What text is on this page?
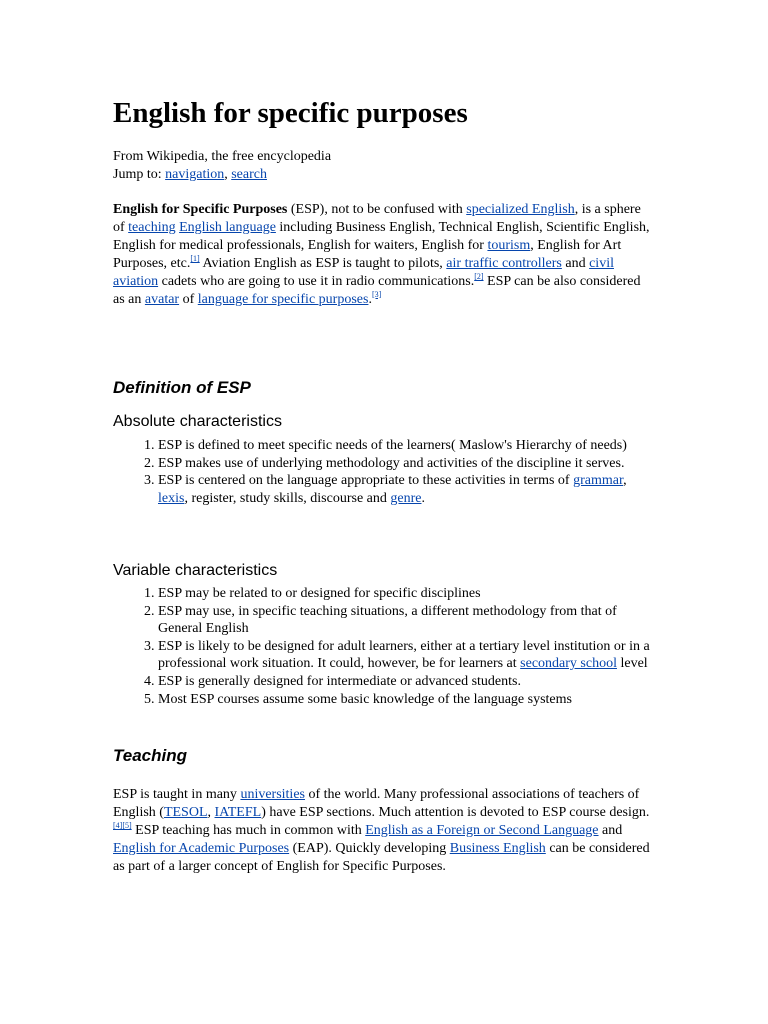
English for specific purposes
From Wikipedia, the free encyclopedia
Jump to: navigation, search

English for Specific Purposes (ESP), not to be confused with specialized English, is a sphere of teaching English language including Business English, Technical English, Scientific English, English for medical professionals, English for waiters, English for tourism, English for Art Purposes, etc.[1] Aviation English as ESP is taught to pilots, air traffic controllers and civil aviation cadets who are going to use it in radio communications.[2] ESP can be also considered as an avatar of language for specific purposes.[3]

Definition of ESP
Absolute characteristics
1. ESP is defined to meet specific needs of the learners( Maslow's Hierarchy of needs)
2. ESP makes use of underlying methodology and activities of the discipline it serves.
3. ESP is centered on the language appropriate to these activities in terms of grammar, lexis, register, study skills, discourse and genre.
Variable characteristics
1. ESP may be related to or designed for specific disciplines
2. ESP may use, in specific teaching situations, a different methodology from that of General English
3. ESP is likely to be designed for adult learners, either at a tertiary level institution or in a professional work situation. It could, however, be for learners at secondary school level
4. ESP is generally designed for intermediate or advanced students.
5. Most ESP courses assume some basic knowledge of the language systems
Teaching

ESP is taught in many universities of the world. Many professional associations of teachers of English (TESOL, IATEFL) have ESP sections. Much attention is devoted to ESP course design.[4][5] ESP teaching has much in common with English as a Foreign or Second Language and English for Academic Purposes (EAP). Quickly developing Business English can be considered as part of a larger concept of English for Specific Purposes.
